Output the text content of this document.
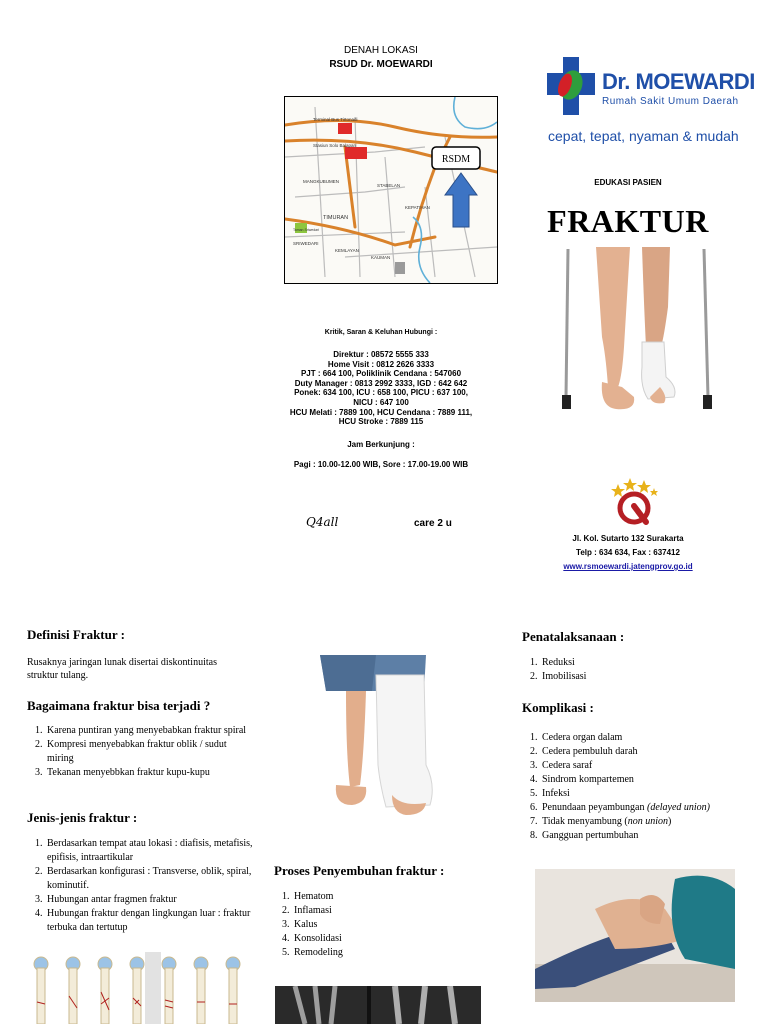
DENAH LOKASI
RSUD Dr. MOEWARDI
RSDM
Terminal Bus Tirtonadi
Stasiun Solo Balapan
MANGKUBUMEN
STABELAN
KEPATIHAN
TIMURAN
Taman Sriwedari
SRIWEDARI
KEMLAYAN
KAUMAN
Kritik, Saran & Keluhan Hubungi :
Direktur : 08572 5555 333
Home Visit : 0812 2626 3333
PJT : 664 100, Poliklinik Cendana : 547060
Duty Manager : 0813 2992 3333, IGD : 642 642
Ponek: 634 100, ICU : 658 100, PICU : 637 100,
NICU : 647 100
HCU Melati : 7889 100, HCU Cendana : 7889 111,
HCU Stroke : 7889 115
Jam Berkunjung :
Pagi : 10.00-12.00 WIB, Sore : 17.00-19.00 WIB
Q4all	care 2 u
Dr. MOEWARDI
Rumah Sakit Umum Daerah
cepat, tepat, nyaman & mudah
EDUKASI PASIEN
FRAKTUR
Jl. Kol. Sutarto 132 Surakarta
Telp : 634 634, Fax : 637412
www.rsmoewardi.jatengprov.go.id
Definisi Fraktur :
Rusaknya jaringan lunak disertai diskontinuitas struktur tulang.
Bagaimana fraktur bisa terjadi ?
1. Karena puntiran yang menyebabkan fraktur spiral
2. Kompresi menyebabkan fraktur oblik / sudut miring
3. Tekanan menyebbkan fraktur kupu-kupu
Jenis-jenis fraktur :
1. Berdasarkan tempat atau lokasi : diafisis, metafisis, epifisis, intraartikular
2. Berdasarkan konfigurasi : Transverse, oblik, spiral, kominutif.
3. Hubungan antar fragmen fraktur
4. Hubungan fraktur dengan lingkungan luar : fraktur terbuka dan tertutup
Proses Penyembuhan fraktur :
1. Hematom
2. Inflamasi
3. Kalus
4. Konsolidasi
5. Remodeling
Penatalaksanaan :
1. Reduksi
2. Imobilisasi
Komplikasi :
1. Cedera organ dalam
2. Cedera pembuluh darah
3. Cedera saraf
4. Sindrom kompartemen
5. Infeksi
6. Penundaan peyambungan (delayed union)
7. Tidak menyambung (non union)
8. Gangguan pertumbuhan
